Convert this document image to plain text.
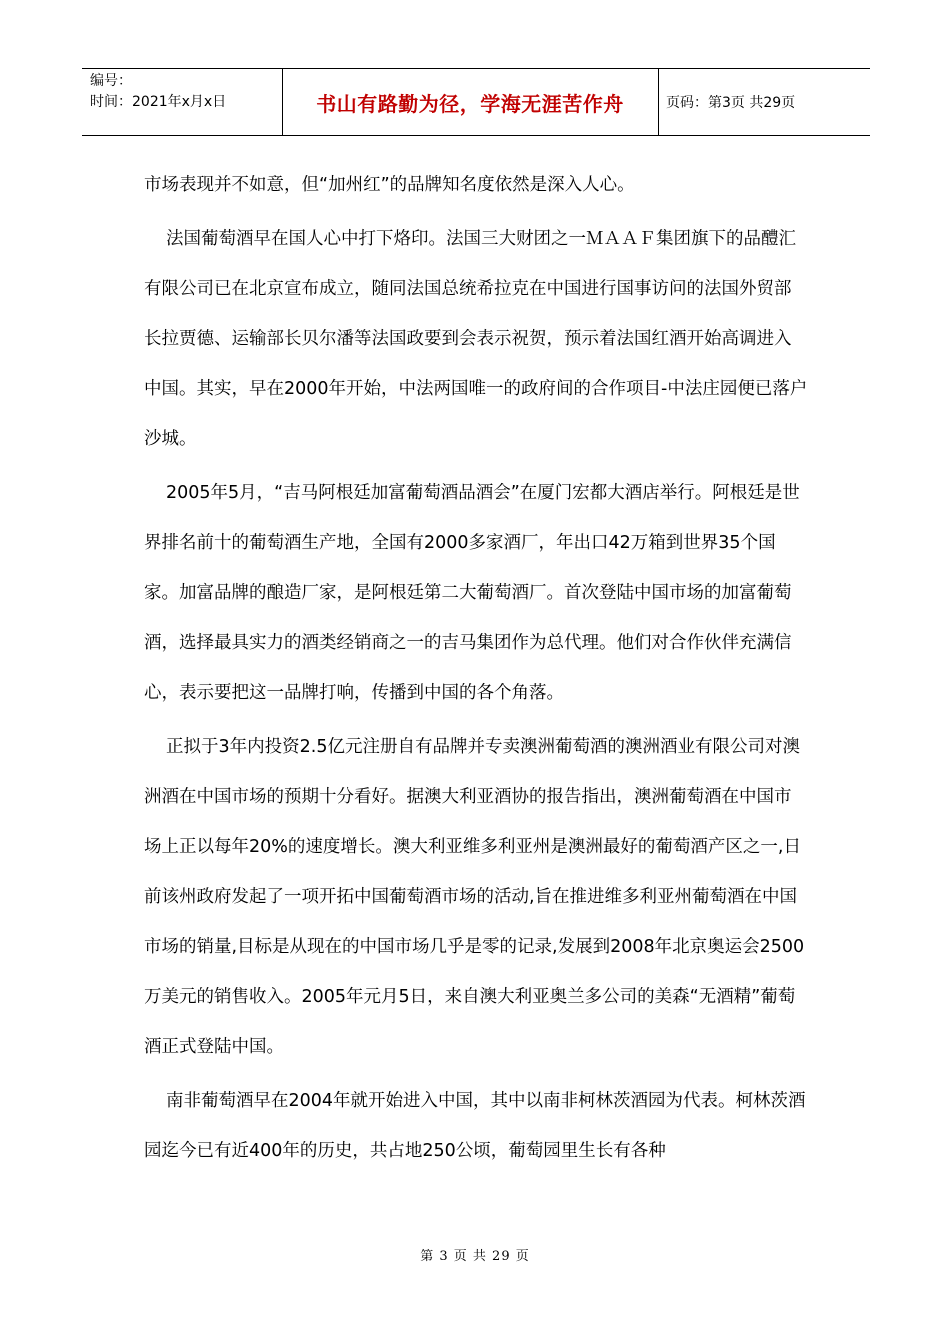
编号：
时间：2021年x月x日	书山有路勤为径，学海无涯苦作舟	页码：第3页 共29页

市场表现并不如意，但“加州红”的品牌知名度依然是深入人心。

法国葡萄酒早在国人心中打下烙印。法国三大财团之一ＭＡＡＦ集团旗下的品醴汇有限公司已在北京宣布成立，随同法国总统希拉克在中国进行国事访问的法国外贸部长拉贾德、运输部长贝尔潘等法国政要到会表示祝贺，预示着法国红酒开始高调进入中国。其实，早在2000年开始，中法两国唯一的政府间的合作项目-中法庄园便已落户沙城。

2005年5月，“吉马阿根廷加富葡萄酒品酒会”在厦门宏都大酒店举行。阿根廷是世界排名前十的葡萄酒生产地，全国有2000多家酒厂，年出口42万箱到世界35个国家。加富品牌的酿造厂家，是阿根廷第二大葡萄酒厂。首次登陆中国市场的加富葡萄酒，选择最具实力的酒类经销商之一的吉马集团作为总代理。他们对合作伙伴充满信心，表示要把这一品牌打响，传播到中国的各个角落。

正拟于3年内投资2.5亿元注册自有品牌并专卖澳洲葡萄酒的澳洲酒业有限公司对澳洲酒在中国市场的预期十分看好。据澳大利亚酒协的报告指出，澳洲葡萄酒在中国市场上正以每年20%的速度增长。澳大利亚维多利亚州是澳洲最好的葡萄酒产区之一,日前该州政府发起了一项开拓中国葡萄酒市场的活动,旨在推进维多利亚州葡萄酒在中国市场的销量,目标是从现在的中国市场几乎是零的记录,发展到2008年北京奥运会2500万美元的销售收入。2005年元月5日，来自澳大利亚奥兰多公司的美森“无酒精”葡萄酒正式登陆中国。

南非葡萄酒早在2004年就开始进入中国，其中以南非柯林茨酒园为代表。柯林茨酒园迄今已有近400年的历史，共占地250公顷，葡萄园里生长有各种

第 3 页 共 29 页
